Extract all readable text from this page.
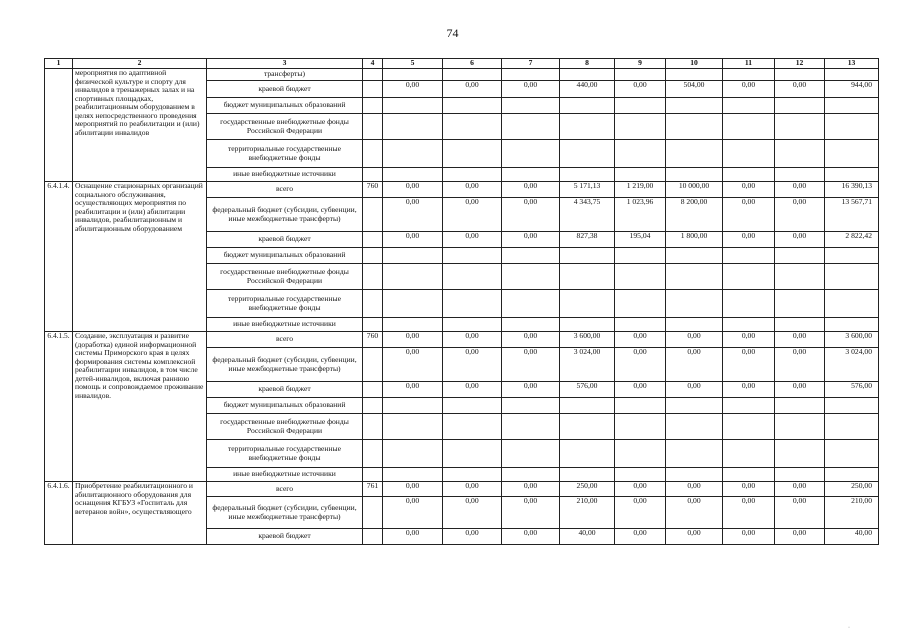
74
1	2	3	4	5	6	7	8	9	10	11	12	13
	мероприятия по адаптивной физической культуре и спорту для инвалидов в тренажерных залах и на спортивных площадках, реабилитационным оборудованием в целях непосредственного проведения мероприятий по реабилитации и (или) абилитации инвалидов	трансферты)										
		краевой бюджет		0,00	0,00	0,00	440,00	0,00	504,00	0,00	0,00	944,00
		бюджет муниципальных образований										
		государственные внебюджетные фонды Российской Федерации										
		территориальные государственные внебюджетные фонды										
		иные внебюджетные источники										
6.4.1.4.	Оснащение стационарных организаций социального обслуживания, осуществляющих мероприятия по реабилитации и (или) абилитации инвалидов, реабилитационным и абилитационным оборудованием	всего	760	0,00	0,00	0,00	5 171,13	1 219,00	10 000,00	0,00	0,00	16 390,13
		федеральный бюджет (субсидии, субвенции, иные межбюджетные трансферты)		0,00	0,00	0,00	4 343,75	1 023,96	8 200,00	0,00	0,00	13 567,71
		краевой бюджет		0,00	0,00	0,00	827,38	195,04	1 800,00	0,00	0,00	2 822,42
		бюджет муниципальных образований										
		государственные внебюджетные фонды Российской Федерации										
		территориальные государственные внебюджетные фонды										
		иные внебюджетные источники										
6.4.1.5.	Создание, эксплуатация и развитие (доработка) единой информационной системы Приморского края в целях формирования системы комплексной реабилитации инвалидов, в том числе детей-инвалидов, включая раннюю помощь и сопровождаемое проживание инвалидов.	всего	760	0,00	0,00	0,00	3 600,00	0,00	0,00	0,00	0,00	3 600,00
		федеральный бюджет (субсидии, субвенции, иные межбюджетные трансферты)		0,00	0,00	0,00	3 024,00	0,00	0,00	0,00	0,00	3 024,00
		краевой бюджет		0,00	0,00	0,00	576,00	0,00	0,00	0,00	0,00	576,00
		бюджет муниципальных образований										
		государственные внебюджетные фонды Российской Федерации										
		территориальные государственные внебюджетные фонды										
		иные внебюджетные источники										
6.4.1.6.	Приобретение реабилитационного и абилитационного оборудования для оснащения КГБУЗ «Госпиталь для ветеранов войн», осуществляющего	всего	761	0,00	0,00	0,00	250,00	0,00	0,00	0,00	0,00	250,00
		федеральный бюджет (субсидии, субвенции, иные межбюджетные трансферты)		0,00	0,00	0,00	210,00	0,00	0,00	0,00	0,00	210,00
		краевой бюджет		0,00	0,00	0,00	40,00	0,00	0,00	0,00	0,00	40,00
·
